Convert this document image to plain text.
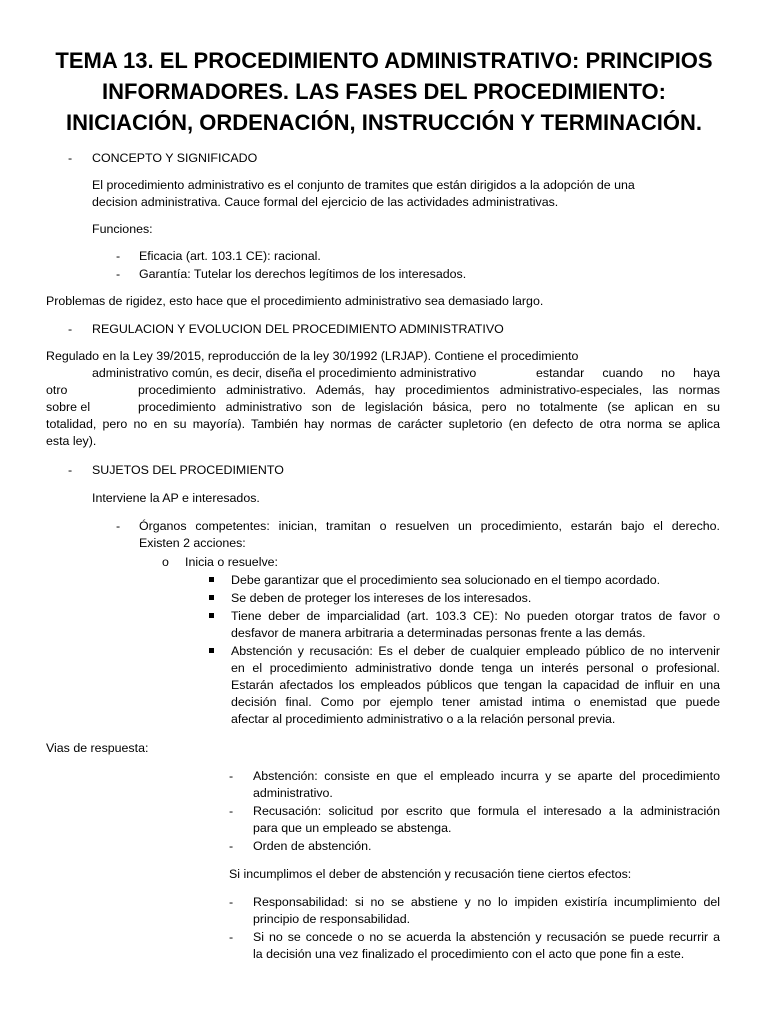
TEMA 13. EL PROCEDIMIENTO ADMINISTRATIVO: PRINCIPIOS
INFORMADORES. LAS FASES DEL PROCEDIMIENTO:
INICIACIÓN, ORDENACIÓN, INSTRUCCIÓN Y TERMINACIÓN.
- CONCEPTO Y SIGNIFICADO
El procedimiento administrativo es el conjunto de tramites que están dirigidos a la adopción de una
decision administrativa. Cauce formal del ejercicio de las actividades administrativas.
Funciones:
- Eficacia (art. 103.1 CE): racional.
- Garantía: Tutelar los derechos legítimos de los interesados.
Problemas de rigidez, esto hace que el procedimiento administrativo sea demasiado largo.
- REGULACION Y EVOLUCION DEL PROCEDIMIENTO ADMINISTRATIVO
Regulado en la Ley 39/2015, reproducción de la ley 30/1992 (LRJAP). Contiene el procedimiento
administrativo común, es decir, diseña el procedimiento administrativo	estandar cuando no haya
otro	procedimiento administrativo. Además, hay procedimientos administrativo-especiales, las normas
sobre el	procedimiento administrativo son de legislación básica, pero no totalmente (se aplican en su
totalidad, pero no en su mayoría). También hay normas de carácter supletorio (en defecto de otra norma se aplica
esta ley).
- SUJETOS DEL PROCEDIMIENTO
Interviene la AP e interesados.
- Órganos competentes: inician, tramitan o resuelven un procedimiento, estarán bajo el derecho.
Existen 2 acciones:
o Inicia o resuelve:
Debe garantizar que el procedimiento sea solucionado en el tiempo acordado.
Se deben de proteger los intereses de los interesados.
Tiene deber de imparcialidad (art. 103.3 CE): No pueden otorgar tratos de favor o
desfavor de manera arbitraria a determinadas personas frente a las demás.
Abstención y recusación: Es el deber de cualquier empleado público de no intervenir
en el procedimiento administrativo donde tenga un interés personal o profesional.
Estarán afectados los empleados públicos que tengan la capacidad de influir en una
decisión final. Como por ejemplo tener amistad intima o enemistad que puede
afectar al procedimiento administrativo o a la relación personal previa.
Vias de respuesta:
- Abstención: consiste en que el empleado incurra y se aparte del procedimiento
administrativo.
- Recusación: solicitud por escrito que formula el interesado a la administración
para que un empleado se abstenga.
- Orden de abstención.
Si incumplimos el deber de abstención y recusación tiene ciertos efectos:
- Responsabilidad: si no se abstiene y no lo impiden existiría incumplimiento del
principio de responsabilidad.
- Si no se concede o no se acuerda la abstención y recusación se puede recurrir a
la decisión una vez finalizado el procedimiento con el acto que pone fin a este.
